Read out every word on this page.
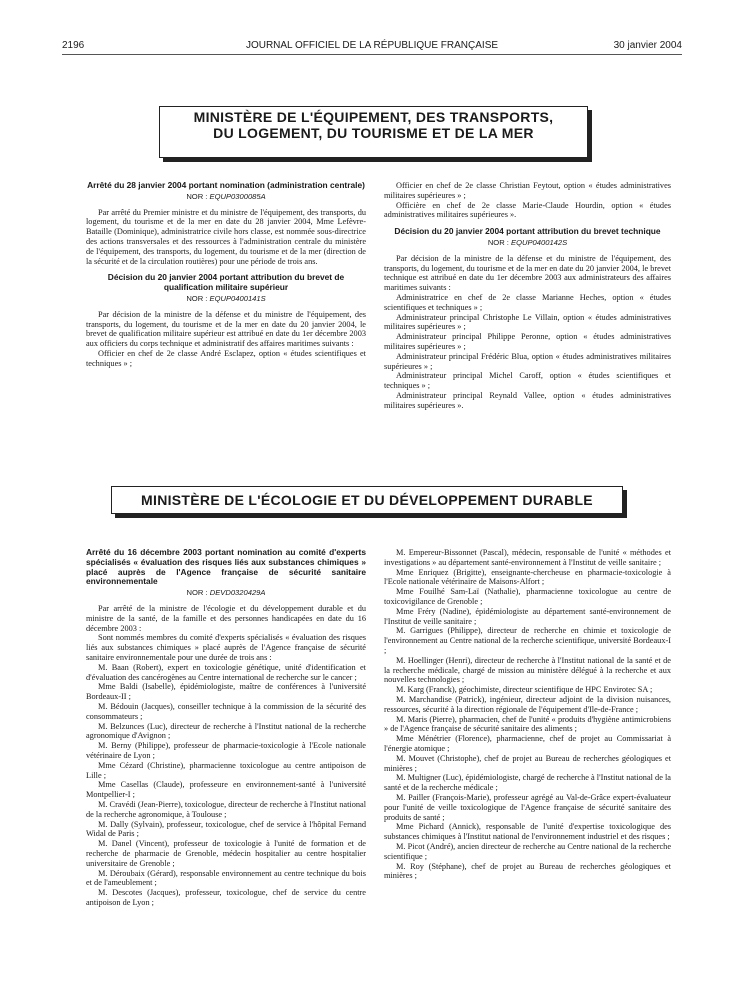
2196	JOURNAL OFFICIEL DE LA RÉPUBLIQUE FRANÇAISE	30 janvier 2004
MINISTÈRE DE L'ÉQUIPEMENT, DES TRANSPORTS,
DU LOGEMENT, DU TOURISME ET DE LA MER
Arrêté du 28 janvier 2004 portant nomination (administration centrale)
NOR : EQUP0300085A

Par arrêté du Premier ministre et du ministre de l'équipement, des transports, du logement, du tourisme et de la mer en date du 28 janvier 2004, Mme Lefèvre-Bataille (Dominique), administratrice civile hors classe, est nommée sous-directrice des actions transversales et des ressources à l'administration centrale du ministère de l'équipement, des transports, du logement, du tourisme et de la mer (direction de la sécurité et de la circulation routières) pour une période de trois ans.

Décision du 20 janvier 2004 portant attribution du brevet de qualification militaire supérieur
NOR : EQUP0400141S

Par décision de la ministre de la défense et du ministre de l'équipement, des transports, du logement, du tourisme et de la mer en date du 20 janvier 2004, le brevet de qualification militaire supérieur est attribué en date du 1er décembre 2003 aux officiers du corps technique et administratif des affaires maritimes suivants :

Officier en chef de 2e classe André Esclapez, option « études scientifiques et techniques » ;

Officier en chef de 2e classe Christian Feytout, option « études administratives militaires supérieures » ;

Officière en chef de 2e classe Marie-Claude Hourdin, option « études administratives militaires supérieures ».

Décision du 20 janvier 2004 portant attribution du brevet technique
NOR : EQUP0400142S

Par décision de la ministre de la défense et du ministre de l'équipement, des transports, du logement, du tourisme et de la mer en date du 20 janvier 2004, le brevet technique est attribué en date du 1er décembre 2003 aux administrateurs des affaires maritimes suivants :

Administratrice en chef de 2e classe Marianne Heches, option « études scientifiques et techniques » ;

Administrateur principal Christophe Le Villain, option « études administratives militaires supérieures » ;

Administrateur principal Philippe Peronne, option « études administratives militaires supérieures » ;

Administrateur principal Frédéric Blua, option « études administratives militaires supérieures » ;

Administrateur principal Michel Caroff, option « études scientifiques et techniques » ;

Administrateur principal Reynald Vallee, option « études administratives militaires supérieures ».

MINISTÈRE DE L'ÉCOLOGIE ET DU DÉVELOPPEMENT DURABLE
Arrêté du 16 décembre 2003 portant nomination au comité d'experts spécialisés « évaluation des risques liés aux substances chimiques » placé auprès de l'Agence française de sécurité sanitaire environnementale
NOR : DEVD0320429A

Par arrêté de la ministre de l'écologie et du développement durable et du ministre de la santé, de la famille et des personnes handicapées en date du 16 décembre 2003 :

Sont nommés membres du comité d'experts spécialisés « évaluation des risques liés aux substances chimiques » placé auprès de l'Agence française de sécurité sanitaire environnementale pour une durée de trois ans :

M. Baan (Robert), expert en toxicologie génétique, unité d'identification et d'évaluation des cancérogènes au Centre international de recherche sur le cancer ;

Mme Baldi (Isabelle), épidémiologiste, maître de conférences à l'université Bordeaux-II ;

M. Bédouin (Jacques), conseiller technique à la commission de la sécurité des consommateurs ;

M. Belzunces (Luc), directeur de recherche à l'Institut national de la recherche agronomique d'Avignon ;

M. Berny (Philippe), professeur de pharmacie-toxicologie à l'Ecole nationale vétérinaire de Lyon ;

Mme Cézard (Christine), pharmacienne toxicologue au centre antipoison de Lille ;

Mme Casellas (Claude), professeure en environnement-santé à l'université Montpellier-I ;

M. Cravédi (Jean-Pierre), toxicologue, directeur de recherche à l'Institut national de la recherche agronomique, à Toulouse ;

M. Dally (Sylvain), professeur, toxicologue, chef de service à l'hôpital Fernand Widal de Paris ;

M. Danel (Vincent), professeur de toxicologie à l'unité de formation et de recherche de pharmacie de Grenoble, médecin hospitalier au centre hospitalier universitaire de Grenoble ;

M. Déroubaix (Gérard), responsable environnement au centre technique du bois et de l'ameublement ;

M. Descotes (Jacques), professeur, toxicologue, chef de service du centre antipoison de Lyon ;

M. Empereur-Bissonnet (Pascal), médecin, responsable de l'unité « méthodes et investigations » au département santé-environnement à l'Institut de veille sanitaire ;

Mme Enriquez (Brigitte), enseignante-chercheuse en pharmacie-toxicologie à l'Ecole nationale vétérinaire de Maisons-Alfort ;

Mme Fouilhé Sam-Laï (Nathalie), pharmacienne toxicologue au centre de toxicovigilance de Grenoble ;

Mme Fréry (Nadine), épidémiologiste au département santé-environnement de l'Institut de veille sanitaire ;

M. Garrigues (Philippe), directeur de recherche en chimie et toxicologie de l'environnement au Centre national de la recherche scientifique, université Bordeaux-I ;

M. Hoellinger (Henri), directeur de recherche à l'Institut national de la santé et de la recherche médicale, chargé de mission au ministère délégué à la recherche et aux nouvelles technologies ;

M. Karg (Franck), géochimiste, directeur scientifique de HPC Envirotec SA ;

M. Marchandise (Patrick), ingénieur, directeur adjoint de la division nuisances, ressources, sécurité à la direction régionale de l'équipement d'Ile-de-France ;

M. Maris (Pierre), pharmacien, chef de l'unité « produits d'hygiène antimicrobiens » de l'Agence française de sécurité sanitaire des aliments ;

Mme Ménétrier (Florence), pharmacienne, chef de projet au Commissariat à l'énergie atomique ;

M. Mouvet (Christophe), chef de projet au Bureau de recherches géologiques et minières ;

M. Multigner (Luc), épidémiologiste, chargé de recherche à l'Institut national de la santé et de la recherche médicale ;

M. Pailler (François-Marie), professeur agrégé au Val-de-Grâce expert-évaluateur pour l'unité de veille toxicologique de l'Agence française de sécurité sanitaire des produits de santé ;

Mme Pichard (Annick), responsable de l'unité d'expertise toxicologique des substances chimiques à l'Institut national de l'environnement industriel et des risques ;

M. Picot (André), ancien directeur de recherche au Centre national de la recherche scientifique ;

M. Roy (Stéphane), chef de projet au Bureau de recherches géologiques et minières ;
